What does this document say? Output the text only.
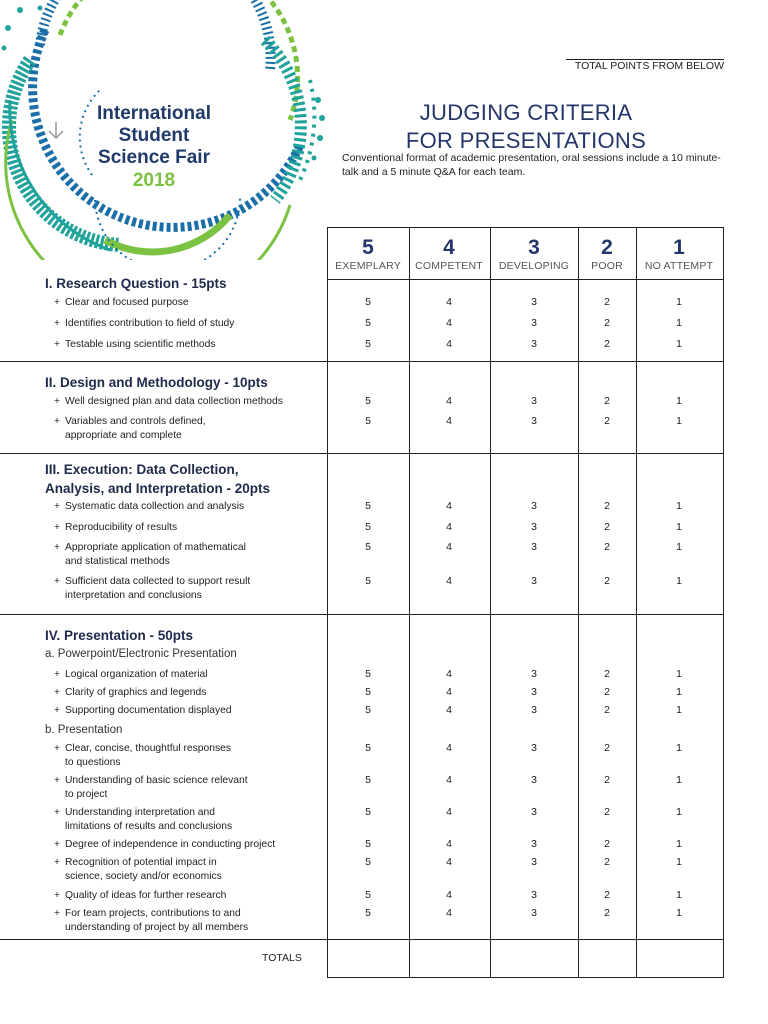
International
Student
Science Fair
2018
TOTAL POINTS FROM BELOW
JUDGING CRITERIA
FOR PRESENTATIONS
Conventional format of academic presentation, oral sessions include a 10 minute-talk and a 5 minute Q&A for each team.
5
EXEMPLARY
4
COMPETENT
3
DEVELOPING
2
POOR
1
NO ATTEMPT
I. Research Question - 15pts
+ Clear and focused purpose	5	4	3	2	1
+ Identifies contribution to field of study	5	4	3	2	1
+ Testable using scientific methods	5	4	3	2	1
II. Design and Methodology - 10pts
+ Well designed plan and data collection methods	5	4	3	2	1
+ Variables and controls defined,
appropriate and complete
5	4	3	2	1
III. Execution: Data Collection,
Analysis, and Interpretation - 20pts
+ Systematic data collection and analysis	5	4	3	2	1
+ Reproducibility of results	5	4	3	2	1
+ Appropriate application of mathematical
and statistical methods
5	4	3	2	1
+ Sufficient data collected to support result
interpretation and conclusions
5	4	3	2	1
IV. Presentation - 50pts
a. Powerpoint/Electronic Presentation
+ Logical organization of material	5	4	3	2	1
+ Clarity of graphics and legends	5	4	3	2	1
+ Supporting documentation displayed	5	4	3	2	1
b. Presentation
+ Clear, concise, thoughtful responses
to questions
5	4	3	2	1
+ Understanding of basic science relevant
to project
5	4	3	2	1
+ Understanding interpretation and
limitations of results and conclusions
5	4	3	2	1
+ Degree of independence in conducting project	5	4	3	2	1
+ Recognition of potential impact in
science, society and/or economics
5	4	3	2	1
+ Quality of ideas for further research	5	4	3	2	1
+ For team projects, contributions to and
understanding of project by all members
5	4	3	2	1
TOTALS
